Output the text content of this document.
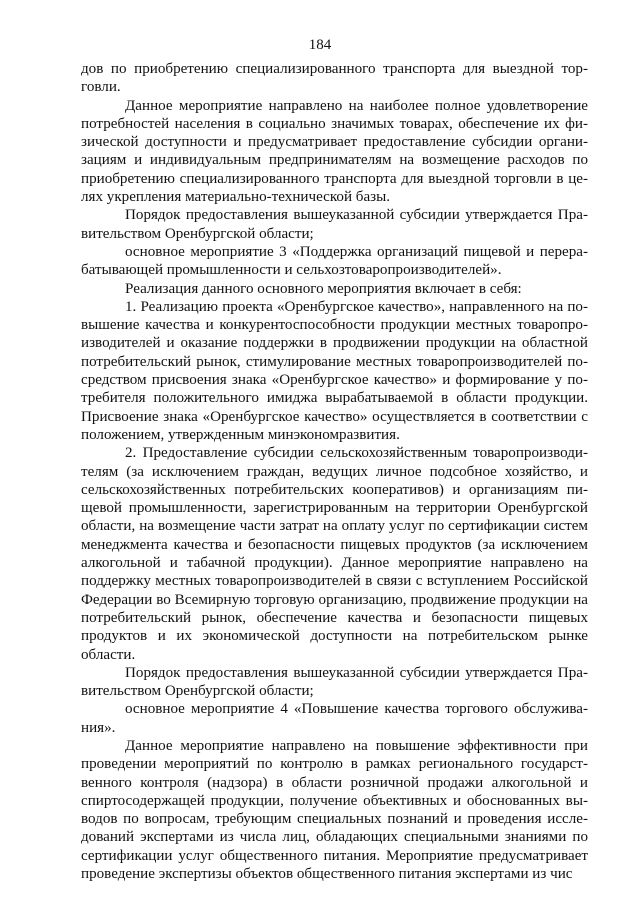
184

дов по приобретению специализированного транспорта для выездной торговли.

Данное мероприятие направлено на наиболее полное удовлетворение потребностей населения в социально значимых товарах, обеспечение их физической доступности и предусматривает предоставление субсидии организациям и индивидуальным предпринимателям на возмещение расходов по приобретению специализированного транспорта для выездной торговли в целях укрепления материально-технической базы.

Порядок предоставления вышеуказанной субсидии утверждается Правительством Оренбургской области;

основное мероприятие 3 «Поддержка организаций пищевой и перерабатывающей промышленности и сельхозтоваропроизводителей».

Реализация данного основного мероприятия включает в себя:

1. Реализацию проекта «Оренбургское качество», направленного на повышение качества и конкурентоспособности продукции местных товаропроизводителей и оказание поддержки в продвижении продукции на областной потребительский рынок, стимулирование местных товаропроизводителей посредством присвоения знака «Оренбургское качество» и формирование у потребителя положительного имиджа вырабатываемой в области продукции. Присвоение знака «Оренбургское качество» осуществляется в соответствии с положением, утвержденным минэкономразвития.

2. Предоставление субсидии сельскохозяйственным товаропроизводителям (за исключением граждан, ведущих личное подсобное хозяйство, и сельскохозяйственных потребительских кооперативов) и организациям пищевой промышленности, зарегистрированным на территории Оренбургской области, на возмещение части затрат на оплату услуг по сертификации систем менеджмента качества и безопасности пищевых продуктов (за исключением алкогольной и табачной продукции). Данное мероприятие направлено на поддержку местных товаропроизводителей в связи с вступлением Российской Федерации во Всемирную торговую организацию, продвижение продукции на потребительский рынок, обеспечение качества и безопасности пищевых продуктов и их экономической доступности на потребительском рынке области.

Порядок предоставления вышеуказанной субсидии утверждается Правительством Оренбургской области;

основное мероприятие 4 «Повышение качества торгового обслуживания».

Данное мероприятие направлено на повышение эффективности при проведении мероприятий по контролю в рамках регионального государственного контроля (надзора) в области розничной продажи алкогольной и спиртосодержащей продукции, получение объективных и обоснованных выводов по вопросам, требующим специальных познаний и проведения исследований экспертами из числа лиц, обладающих специальными знаниями по сертификации услуг общественного питания. Мероприятие предусматривает проведение экспертизы объектов общественного питания экспертами из чис
